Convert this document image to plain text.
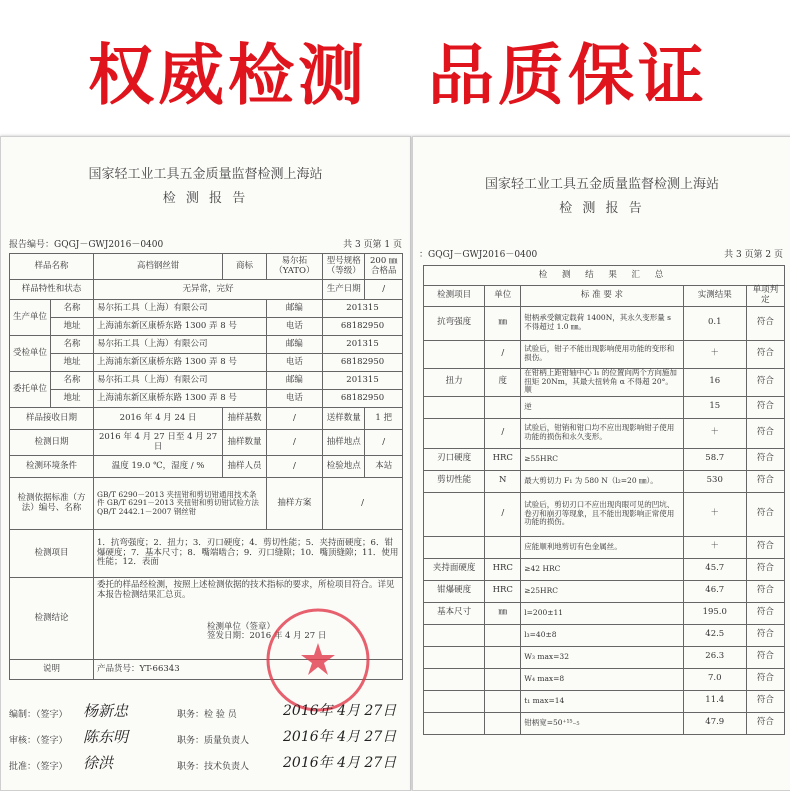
权威检测 品质保证
国家轻工业工具五金质量监督检测上海站
检 测 报 告
报告编号：GQGJ－GWJ2016－0400	共 3 页第 1 页
样品名称		高档钢丝钳	商标	易尔拓（YATO）	型号规格（等级）	200 ㎜ 合格品
样品特性和状态		无异常，完好			生产日期	/
生产单位	名称	易尔拓工具（上海）有限公司		邮编	201315	
	地址	上海浦东新区康桥东路 1300 弄 8 号		电话	68182950	
受检单位	名称	易尔拓工具（上海）有限公司		邮编	201315	
	地址	上海浦东新区康桥东路 1300 弄 8 号		电话	68182950	
委托单位	名称	易尔拓工具（上海）有限公司		邮编	201315	
	地址	上海浦东新区康桥东路 1300 弄 8 号		电话	68182950	
样品接收日期		2016 年 4 月 24 日	抽样基数	/	送样数量	1 把
检测日期		2016 年 4 月 27 日至 4 月 27 日	抽样数量	/	抽样地点	/
检测环境条件		温度 19.0 ℃，湿度 / %	抽样人员	/	检验地点	本站
检测依据标准（方法）编号、名称		GB/T 6290－2013 夹扭钳和剪切钳通用技术条件 GB/T 6291－2013 夹扭钳和剪切钳试验方法 QB/T 2442.1－2007 钢丝钳		抽样方案	/	
检测项目		1．抗弯强度；2．扭力；3．刃口硬度；4．剪切性能；5．夹持面硬度；6．钳爆硬度；7．基本尺寸；8．嘴端啮合；9．刃口缝隙；10．嘴顶缝隙；11．使用性能；12．表面				
检测结论		委托的样品经检测，按照上述检测依据的技术指标的要求，所检项目符合。详见本报告检测结果汇总页。
检测单位（签章）
签发日期：2016 年 4 月 27 日				

说明		产品货号：YT-66343				
编制：（签字） 杨新忠	职务：检 验 员	2016年 4月 27日
审核：（签字） 陈东明	职务：质量负责人 2016年 4月 27日
批准：（签字） 徐洪	职务：技术负责人 2016年 4月 27日
国家轻工业工具五金质量监督检测上海站
检 测 报 告
：GQGJ－GWJ2016－0400	共 3 页第 2 页
检 测 结 果 汇 总				
检测项目	单位	标 准 要 求	实测结果	单项判定
抗弯强度	㎜	钳柄承受额定载荷 1400N，其永久变形量 s 不得超过 1.0 ㎜。	0.1	符合
	/	试验后，钳子不能出现影响使用功能的变形和损伤。	＋	符合
扭力	度	在钳柄上距钳轴中心 l₁ 的位置向两个方向施加扭矩 20Nm，其最大扭转角 α 不得超 20°。 顺	16	符合
		逆	15	符合
	/	试验后，钳销和钳口均不应出现影响钳子使用功能的损伤和永久变形。	＋	符合
刃口硬度	HRC	≥55HRC	58.7	符合
剪切性能	N	最大剪切力 F₁ 为 580 N（l₂=20 ㎜）。	530	符合
	/	试验后，剪切刃口不应出现肉眼可见的凹坑、卷刃和崩刃等现象，且不能出现影响正常使用功能的损伤。	＋	符合
		应能顺利地剪切有色金属丝。	＋	符合
夹持面硬度	HRC	≥42 HRC	45.7	符合
钳爆硬度	HRC	≥25HRC	46.7	符合
基本尺寸	㎜	l=200±11	195.0	符合
		l₃=40±8	42.5	符合
		W₃ max=32	26.3	符合
		W₄ max=8	7.0	符合
		t₁ max=14	11.4	符合
		钳柄宽=50⁺¹⁵₋₅	47.9	符合
